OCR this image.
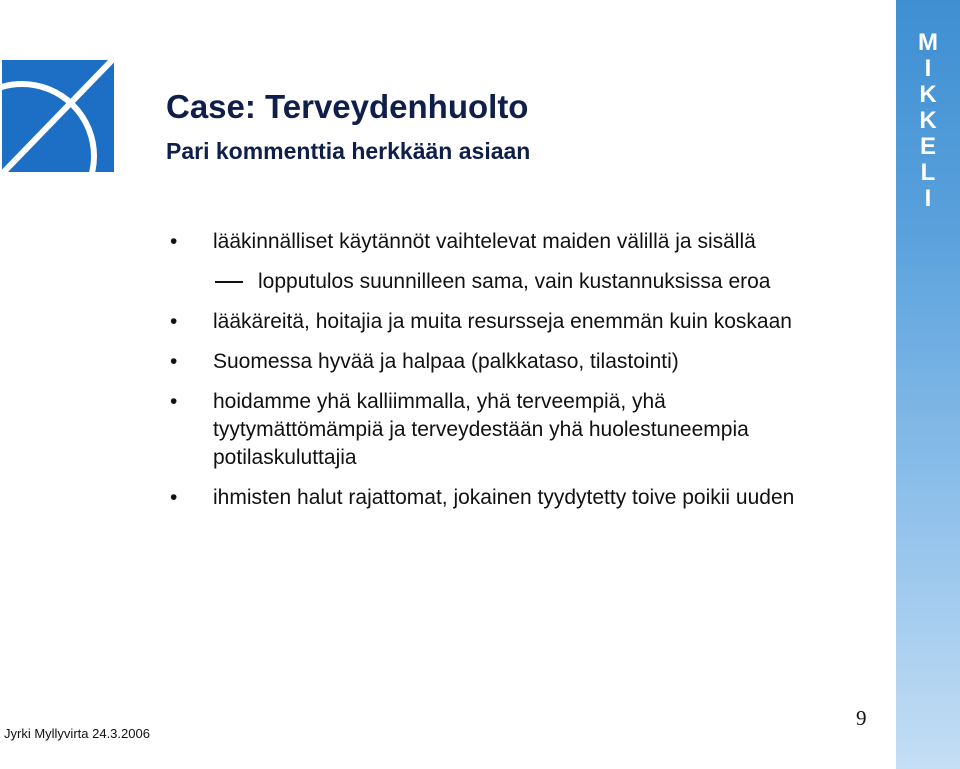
Case: Terveydenhuolto
Pari kommenttia herkkään asiaan
•	lääkinnälliset käytännöt vaihtelevat maiden välillä ja sisällä
lopputulos suunnilleen sama, vain kustannuksissa eroa
•	lääkäreitä, hoitajia ja muita resursseja enemmän kuin koskaan
•	Suomessa hyvää ja halpaa (palkkataso, tilastointi)
•	hoidamme yhä kalliimmalla, yhä terveempiä, yhä tyytymättömämpiä ja terveydestään yhä huolestuneempia potilaskuluttajia
•	ihmisten halut rajattomat, jokainen tyydytetty toive poikii uuden
M
I
K
K
E
L
I
Jyrki Myllyvirta 24.3.2006
9
